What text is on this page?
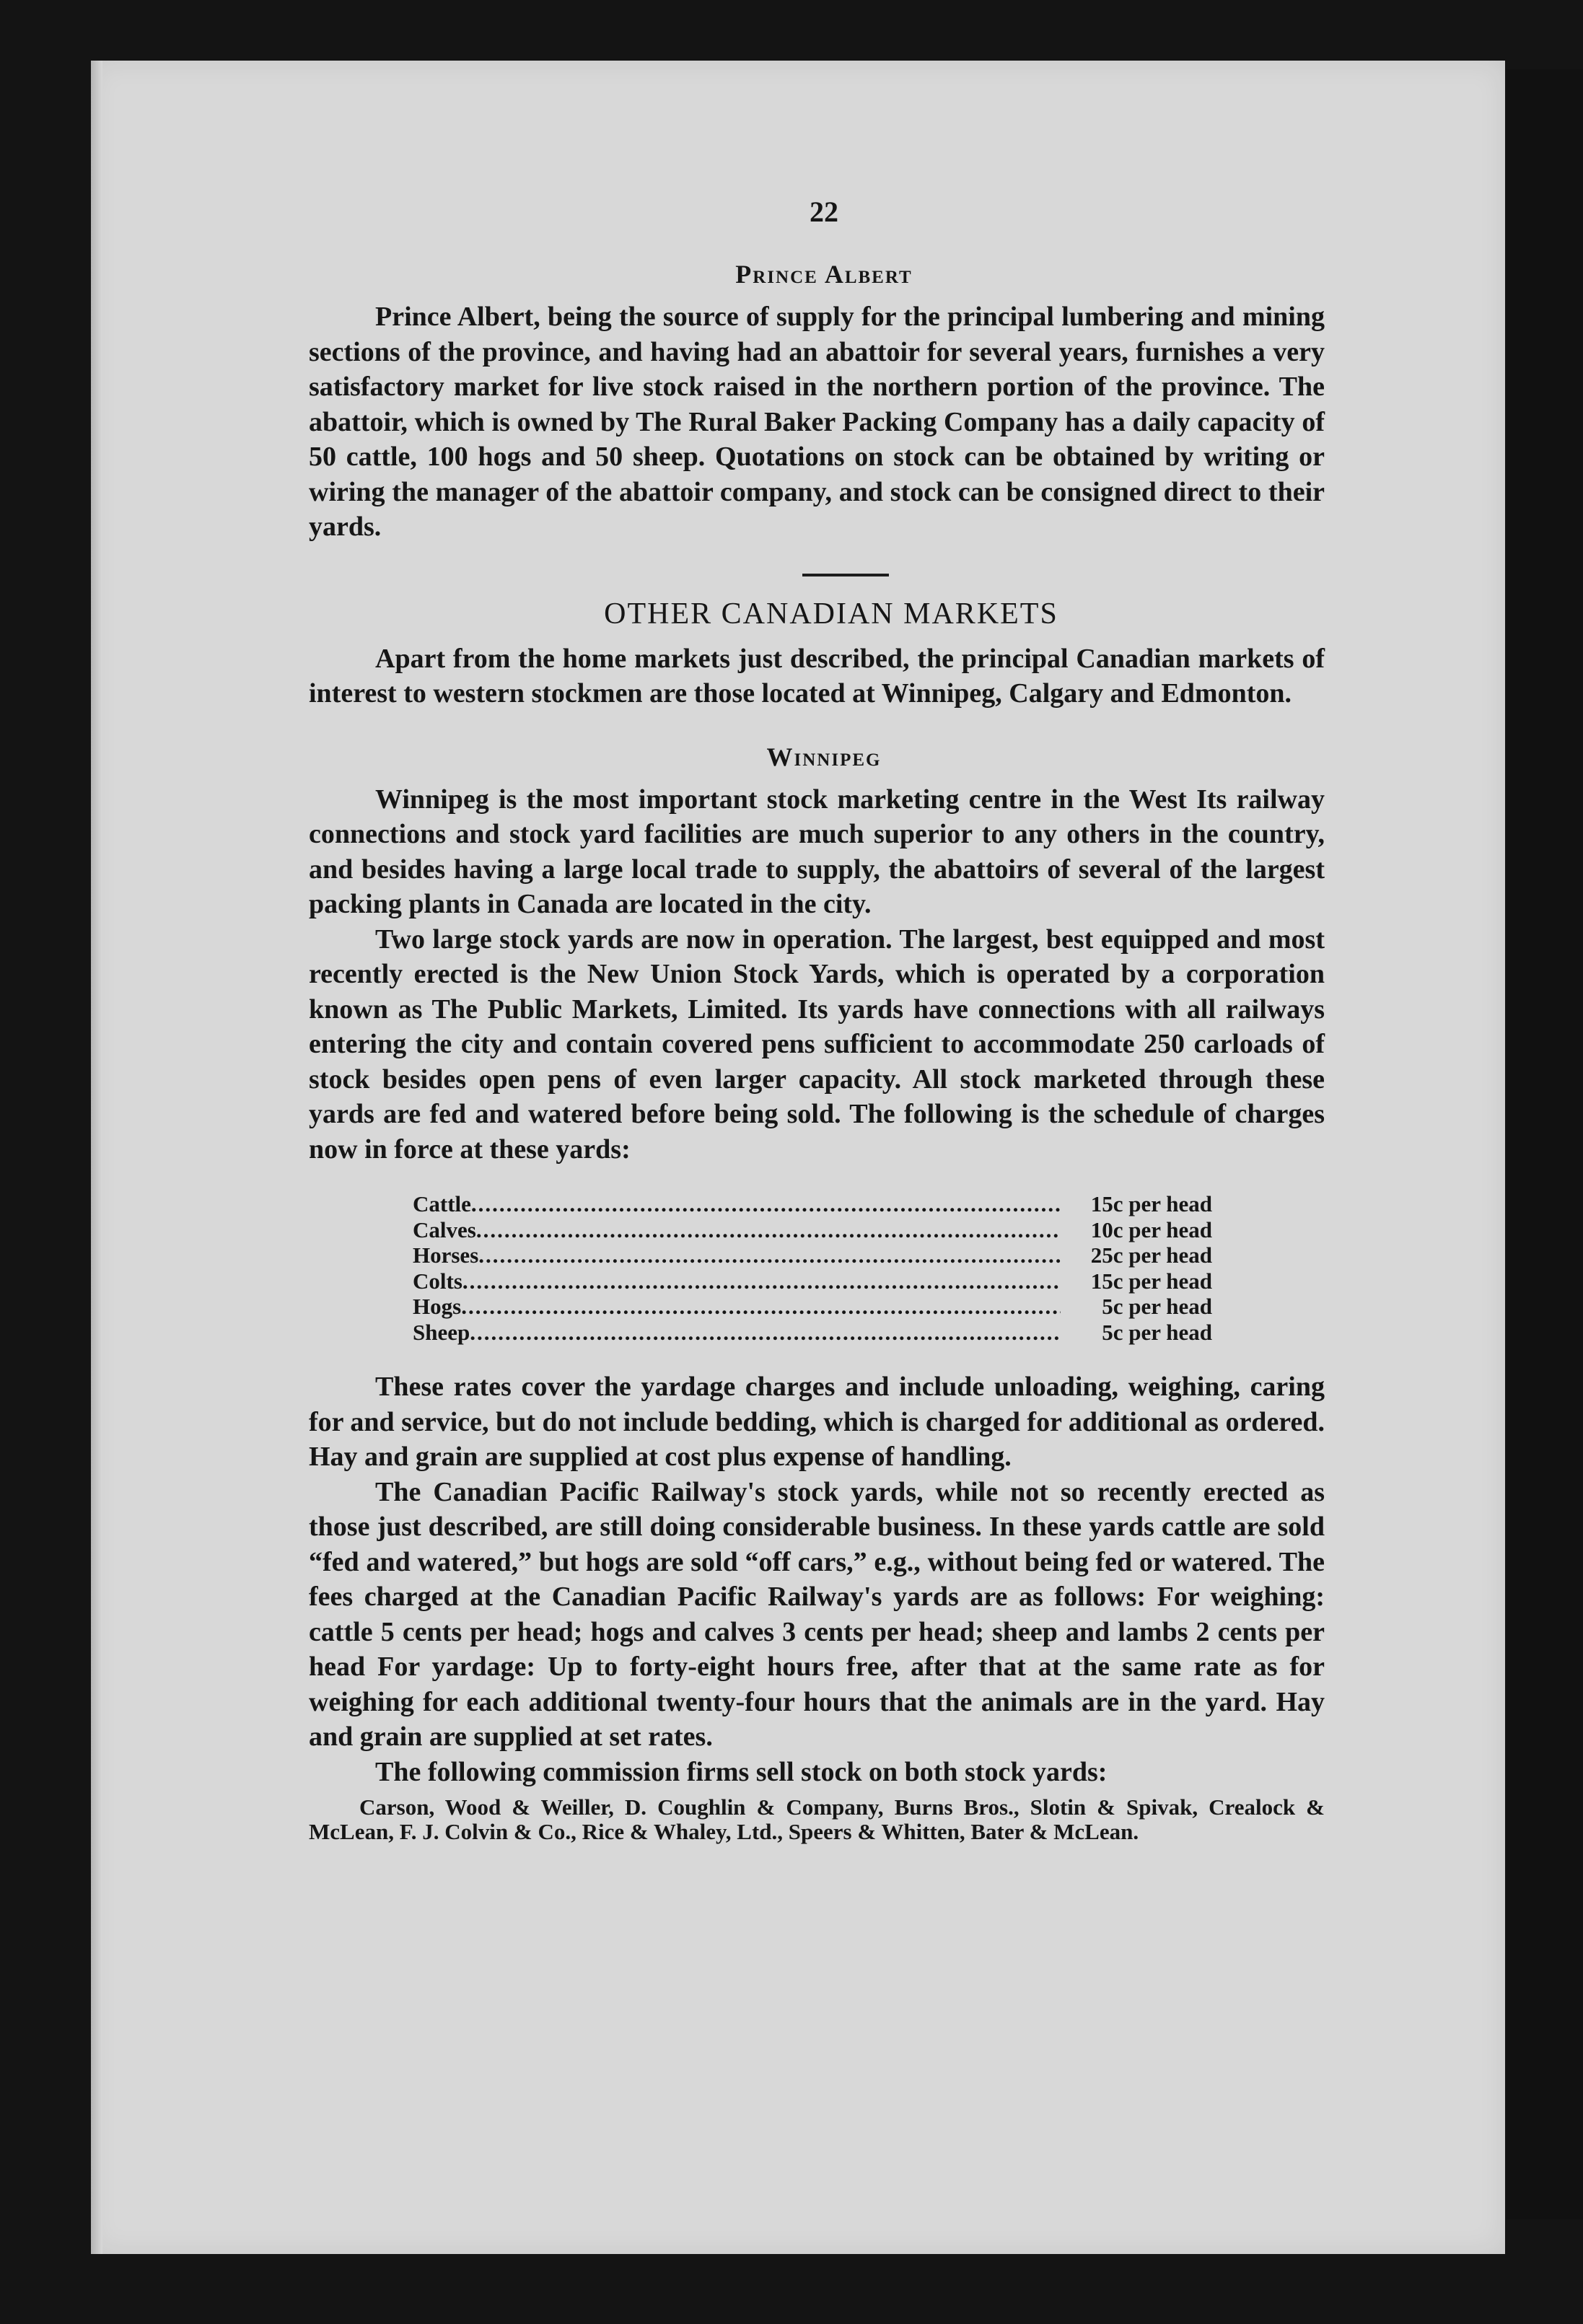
22
Prince Albert

Prince Albert, being the source of supply for the principal lumbering and mining sections of the province, and having had an abattoir for several years, furnishes a very satisfactory market for live stock raised in the northern portion of the province. The abattoir, which is owned by The Rural Baker Packing Company has a daily capacity of 50 cattle, 100 hogs and 50 sheep. Quotations on stock can be obtained by writing or wiring the manager of the abattoir company, and stock can be consigned direct to their yards.

OTHER CANADIAN MARKETS

Apart from the home markets just described, the principal Canadian markets of interest to western stockmen are those located at Winnipeg, Calgary and Edmonton.

Winnipeg

Winnipeg is the most important stock marketing centre in the West Its railway connections and stock yard facilities are much superior to any others in the country, and besides having a large local trade to supply, the abattoirs of several of the largest packing plants in Canada are located in the city.

Two large stock yards are now in operation. The largest, best equipped and most recently erected is the New Union Stock Yards, which is operated by a corporation known as The Public Markets, Limited. Its yards have connections with all railways entering the city and contain covered pens sufficient to accommodate 250 carloads of stock besides open pens of even larger capacity. All stock marketed through these yards are fed and watered before being sold. The following is the schedule of charges now in force at these yards:

Cattle .....	15c per head
Calves .....	10c per head
Horses .....	25c per head
Colts .....	15c per head
Hogs .....	5c per head
Sheep .....	5c per head

These rates cover the yardage charges and include unloading, weighing, caring for and service, but do not include bedding, which is charged for additional as ordered. Hay and grain are supplied at cost plus expense of handling.

The Canadian Pacific Railway's stock yards, while not so recently erected as those just described, are still doing considerable business. In these yards cattle are sold “fed and watered,” but hogs are sold “off cars,” e.g., without being fed or watered. The fees charged at the Canadian Pacific Railway's yards are as follows: For weighing: cattle 5 cents per head; hogs and calves 3 cents per head; sheep and lambs 2 cents per head For yardage: Up to forty-eight hours free, after that at the same rate as for weighing for each additional twenty-four hours that the animals are in the yard. Hay and grain are supplied at set rates.

The following commission firms sell stock on both stock yards:

Carson, Wood & Weiller, D. Coughlin & Company, Burns Bros., Slotin & Spivak, Crealock & McLean, F. J. Colvin & Co., Rice & Whaley, Ltd., Speers & Whitten, Bater & McLean.
